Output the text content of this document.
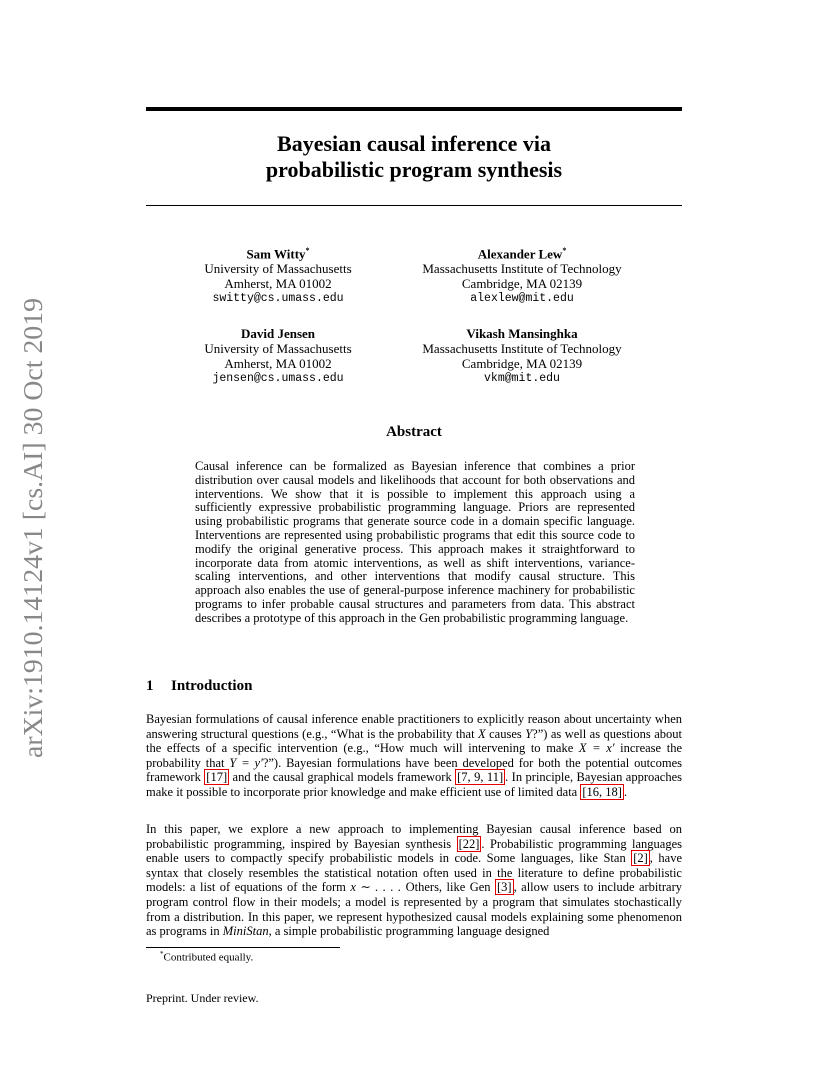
arXiv:1910.14124v1 [cs.AI] 30 Oct 2019
Bayesian causal inference via
probabilistic program synthesis
Sam Witty*
University of Massachusetts
Amherst, MA 01002
switty@cs.umass.edu
Alexander Lew*
Massachusetts Institute of Technology
Cambridge, MA 02139
alexlew@mit.edu
David Jensen
University of Massachusetts
Amherst, MA 01002
jensen@cs.umass.edu
Vikash Mansinghka
Massachusetts Institute of Technology
Cambridge, MA 02139
vkm@mit.edu
Abstract
Causal inference can be formalized as Bayesian inference that combines a prior distribution over causal models and likelihoods that account for both observations and interventions. We show that it is possible to implement this approach using a sufficiently expressive probabilistic programming language. Priors are represented using probabilistic programs that generate source code in a domain specific language. Interventions are represented using probabilistic programs that edit this source code to modify the original generative process. This approach makes it straightforward to incorporate data from atomic interventions, as well as shift interventions, variance-scaling interventions, and other interventions that modify causal structure. This approach also enables the use of general-purpose inference machinery for probabilistic programs to infer probable causal structures and parameters from data. This abstract describes a prototype of this approach in the Gen probabilistic programming language.
1 Introduction

Bayesian formulations of causal inference enable practitioners to explicitly reason about uncertainty when answering structural questions (e.g., “What is the probability that X causes Y?”) as well as questions about the effects of a specific intervention (e.g., “How much will intervening to make X = x′ increase the probability that Y = y′?”). Bayesian formulations have been developed for both the potential outcomes framework [17] and the causal graphical models framework [7, 9, 11] . In principle, Bayesian approaches make it possible to incorporate prior knowledge and make efficient use of limited data [16, 18] .

In this paper, we explore a new approach to implementing Bayesian causal inference based on probabilistic programming, inspired by Bayesian synthesis [22] . Probabilistic programming languages enable users to compactly specify probabilistic models in code. Some languages, like Stan [2] , have syntax that closely resembles the statistical notation often used in the literature to define probabilistic models: a list of equations of the form x ∼ . . . . Others, like Gen [3] , allow users to include arbitrary program control flow in their models; a model is represented by a program that simulates stochastically from a distribution. In this paper, we represent hypothesized causal models explaining some phenomenon as programs in MiniStan, a simple probabilistic programming language designed

*Contributed equally.
Preprint. Under review.
